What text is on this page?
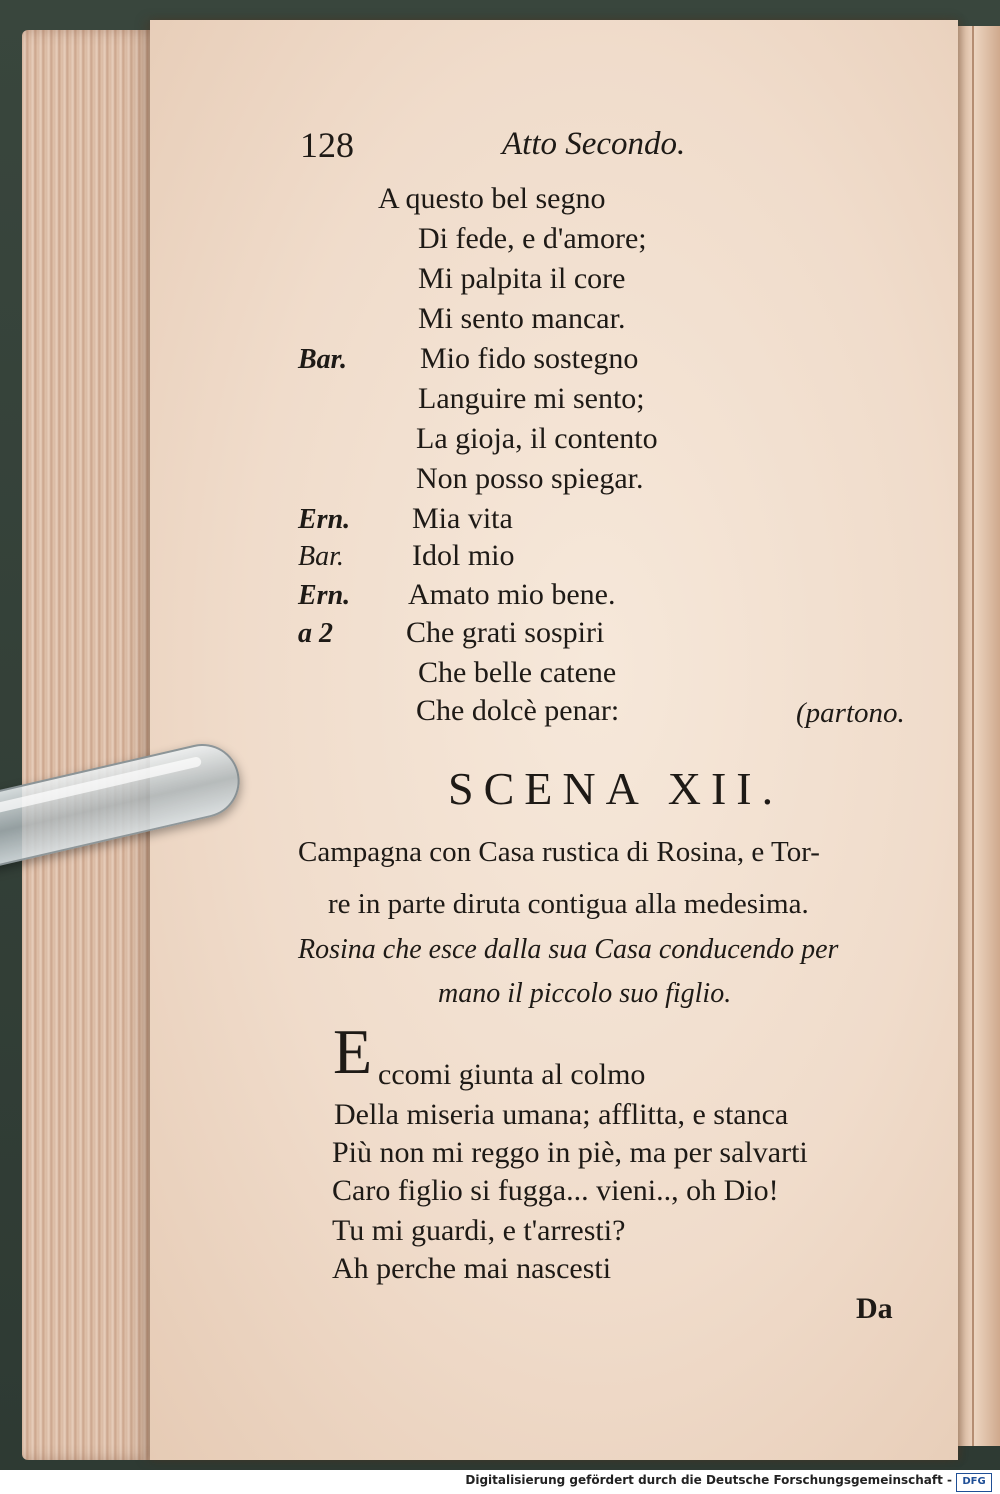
128	Atto Secondo.
A questo bel segno
Di fede, e d'amore;
Mi palpita il core
Mi sento mancar.
Bar. Mio fido sostegno
Languire mi sento;
La gioja, il contento
Non posso spiegar.
Ern. Mia vita
Bar. Idol mio
Ern. Amato mio bene.
a 2 Che grati sospiri
Che belle catene
Che dolcè penar:	(partono.
SCENA XII.
Campagna con Casa rustica di Rosina, e Tor-
re in parte diruta contigua alla medesima.
Rosina che esce dalla sua Casa conducendo per
mano il piccolo suo figlio.
E ccomi giunta al colmo
Della miseria umana; afflitta, e stanca
Più non mi reggo in piè, ma per salvarti
Caro figlio si fugga... vieni.., oh Dio!
Tu mi guardi, e t'arresti?
Ah perche mai nascesti
Da
Digitalisierung gefördert durch die Deutsche Forschungsgemeinschaft -	DFG
